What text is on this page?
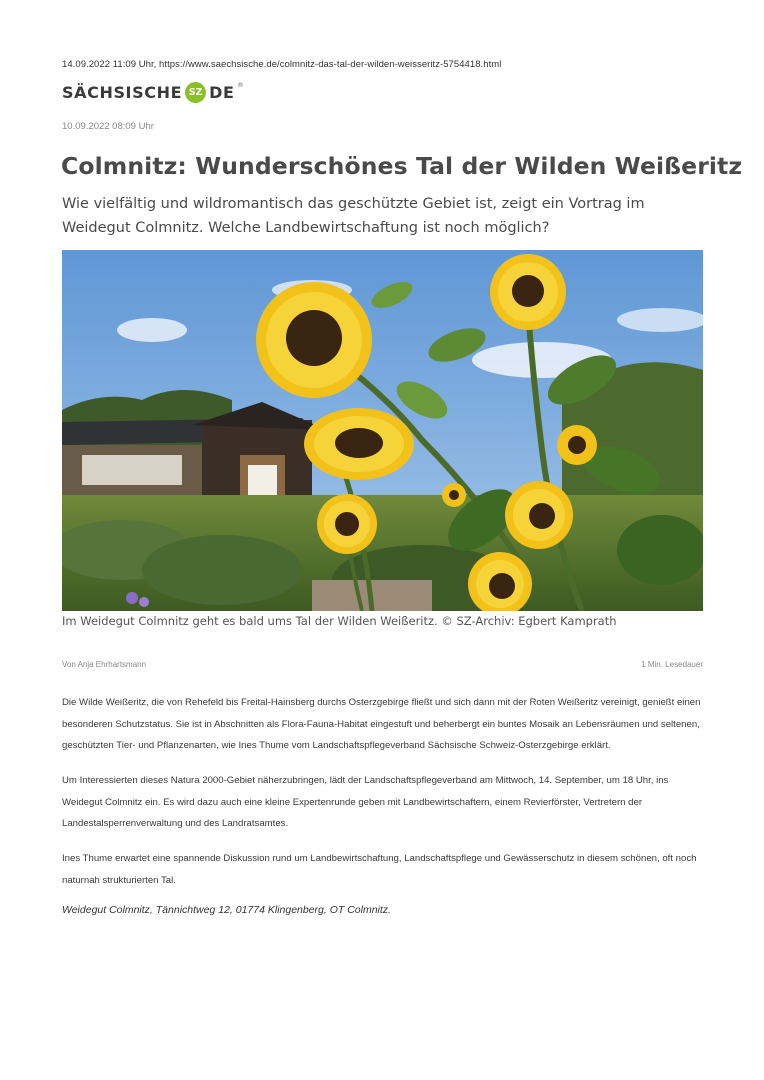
14.09.2022 11:09 Uhr, https://www.saechsische.de/colmnitz-das-tal-der-wilden-weisseritz-5754418.html
SÄCHSISCHE SZ DE ®
10.09.2022 08:09 Uhr
Colmnitz: Wunderschönes Tal der Wilden Weißeritz

Wie vielfältig und wildromantisch das geschützte Gebiet ist, zeigt ein Vortrag im Weidegut Colmnitz. Welche Landbewirtschaftung ist noch möglich?

Im Weidegut Colmnitz geht es bald ums Tal der Wilden Weißeritz. © SZ-Archiv: Egbert Kamprath
Von Anja Ehrhartsmann	1 Min. Lesedauer

Die Wilde Weißeritz, die von Rehefeld bis Freital-Hainsberg durchs Osterzgebirge fließt und sich dann mit der Roten Weißeritz vereinigt, genießt einen besonderen Schutzstatus. Sie ist in Abschnitten als Flora-Fauna-Habitat eingestuft und beherbergt ein buntes Mosaik an Lebensräumen und seltenen, geschützten Tier- und Pflanzenarten, wie Ines Thume vom Landschaftspflegeverband Sächsische Schweiz-Osterzgebirge erklärt.

Um Interessierten dieses Natura 2000-Gebiet näherzubringen, lädt der Landschaftspflegeverband am Mittwoch, 14. September, um 18 Uhr, ins Weidegut Colmnitz ein. Es wird dazu auch eine kleine Expertenrunde geben mit Landbewirtschaftern, einem Revierförster, Vertretern der Landestalsperrenverwaltung und des Landratsamtes.

Ines Thume erwartet eine spannende Diskussion rund um Landbewirtschaftung, Landschaftspflege und Gewässerschutz in diesem schönen, oft noch naturnah strukturierten Tal.

Weidegut Colmnitz, Tännichtweg 12, 01774 Klingenberg, OT Colmnitz.
